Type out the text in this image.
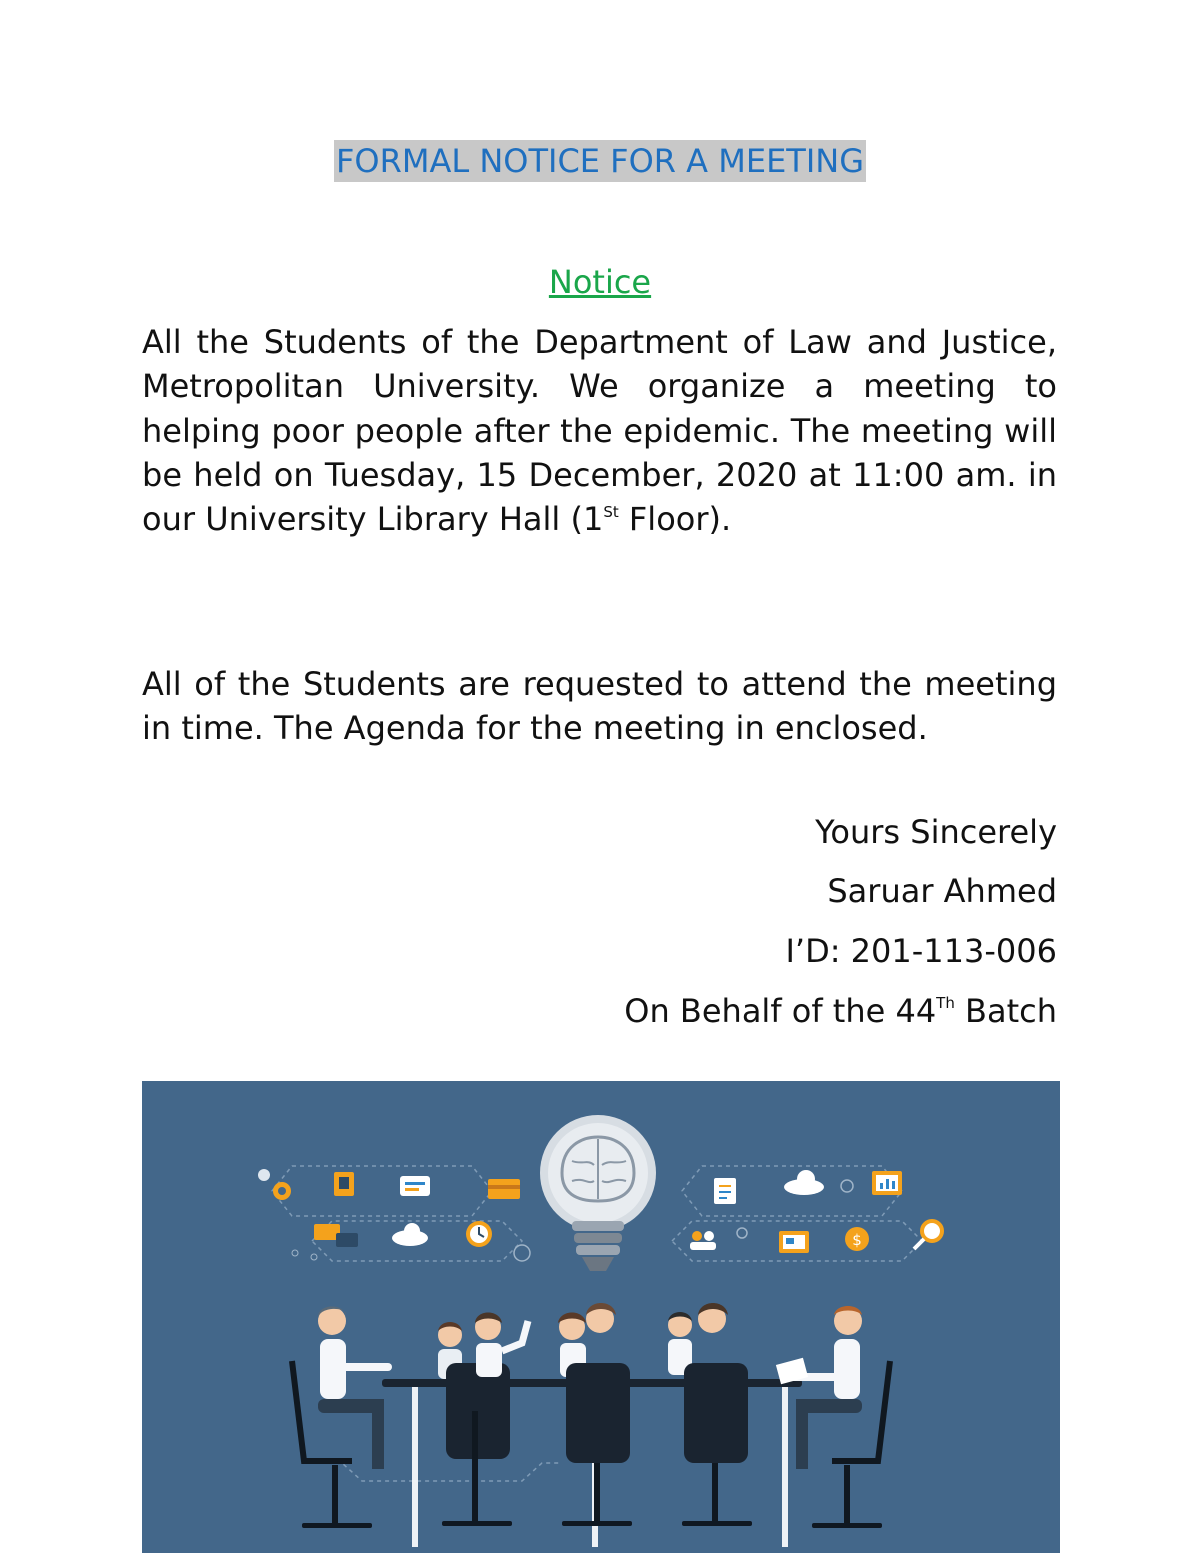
FORMAL NOTICE FOR A MEETING
Notice

All the Students of the Department of Law and Justice, Metropolitan University. We organize a meeting to helping poor people after the epidemic. The meeting will be held on Tuesday, 15 December, 2020 at 11:00 am. in our University Library Hall (1St Floor).

All of the Students are requested to attend the meeting in time. The Agenda for the meeting in enclosed.

Yours Sincerely
Saruar Ahmed
I’D: 201-113-006
On Behalf of the 44Th Batch
$
